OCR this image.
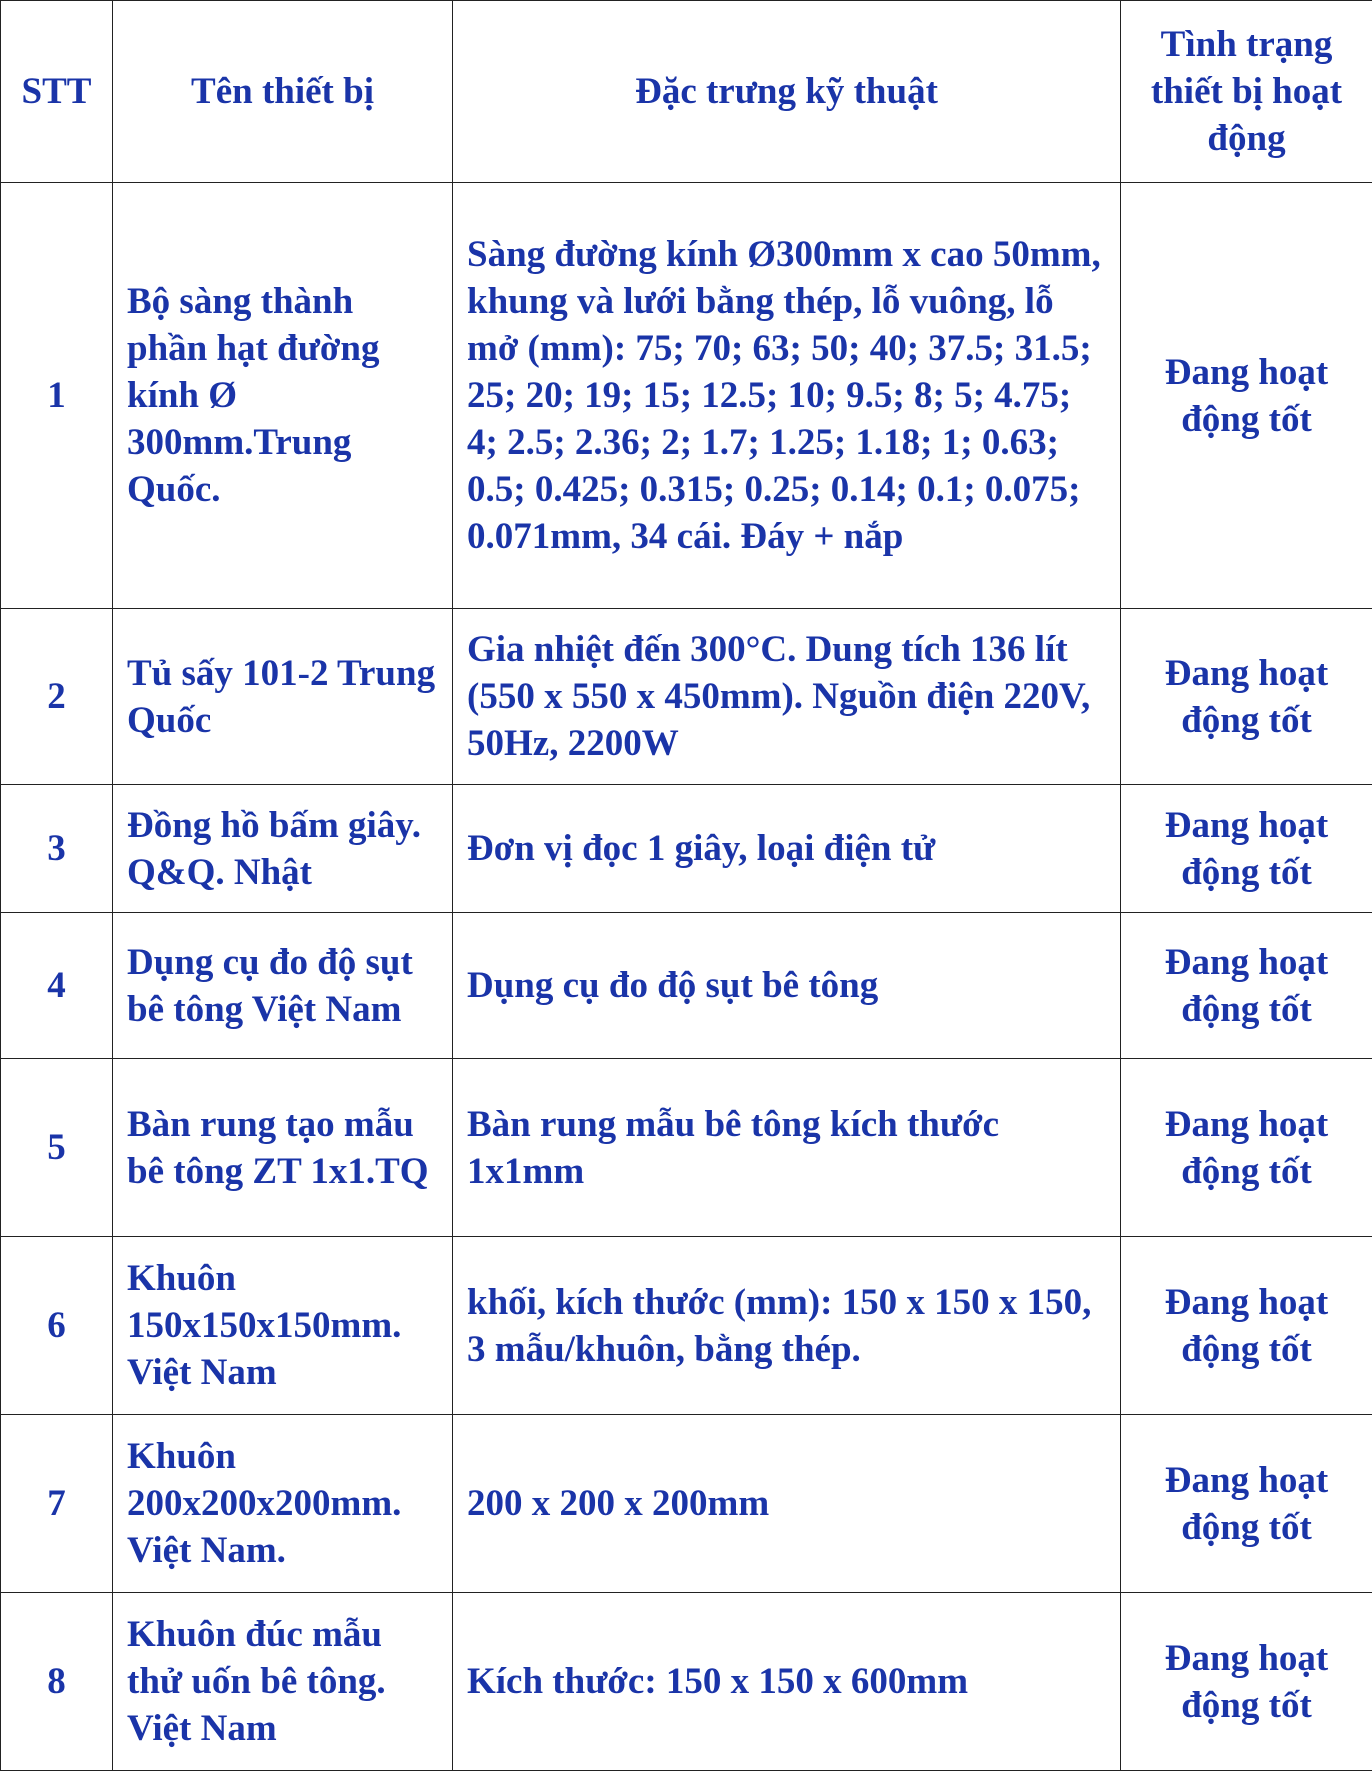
STT	Tên thiết bị	Đặc trưng kỹ thuật	Tình trạng thiết bị hoạt động
1	Bộ sàng thành phần hạt đường kính Ø 300mm.Trung Quốc.	Sàng đường kính Ø300mm x cao 50mm, khung và lưới bằng thép, lỗ vuông, lỗ mở (mm): 75; 70; 63; 50; 40; 37.5; 31.5; 25; 20; 19; 15; 12.5; 10; 9.5; 8; 5; 4.75; 4; 2.5; 2.36; 2; 1.7; 1.25; 1.18; 1; 0.63; 0.5; 0.425; 0.315; 0.25; 0.14; 0.1; 0.075; 0.071mm, 34 cái. Đáy + nắp	Đang hoạt động tốt
2	Tủ sấy 101-2 Trung Quốc	Gia nhiệt đến 300°C. Dung tích 136 lít (550 x 550 x 450mm). Nguồn điện 220V, 50Hz, 2200W	Đang hoạt động tốt
3	Đồng hồ bấm giây. Q&Q. Nhật	Đơn vị đọc 1 giây, loại điện tử	Đang hoạt động tốt
4	Dụng cụ đo độ sụt bê tông Việt Nam	Dụng cụ đo độ sụt bê tông	Đang hoạt động tốt
5	Bàn rung tạo mẫu bê tông ZT 1x1.TQ	Bàn rung mẫu bê tông kích thước 1x1mm	Đang hoạt động tốt
6	Khuôn 150x150x150mm. Việt Nam	khối, kích thước (mm): 150 x 150 x 150, 3 mẫu/khuôn, bằng thép.	Đang hoạt động tốt
7	Khuôn 200x200x200mm. Việt Nam.	200 x 200 x 200mm	Đang hoạt động tốt
8	Khuôn đúc mẫu thử uốn bê tông. Việt Nam	Kích thước: 150 x 150 x 600mm	Đang hoạt động tốt
